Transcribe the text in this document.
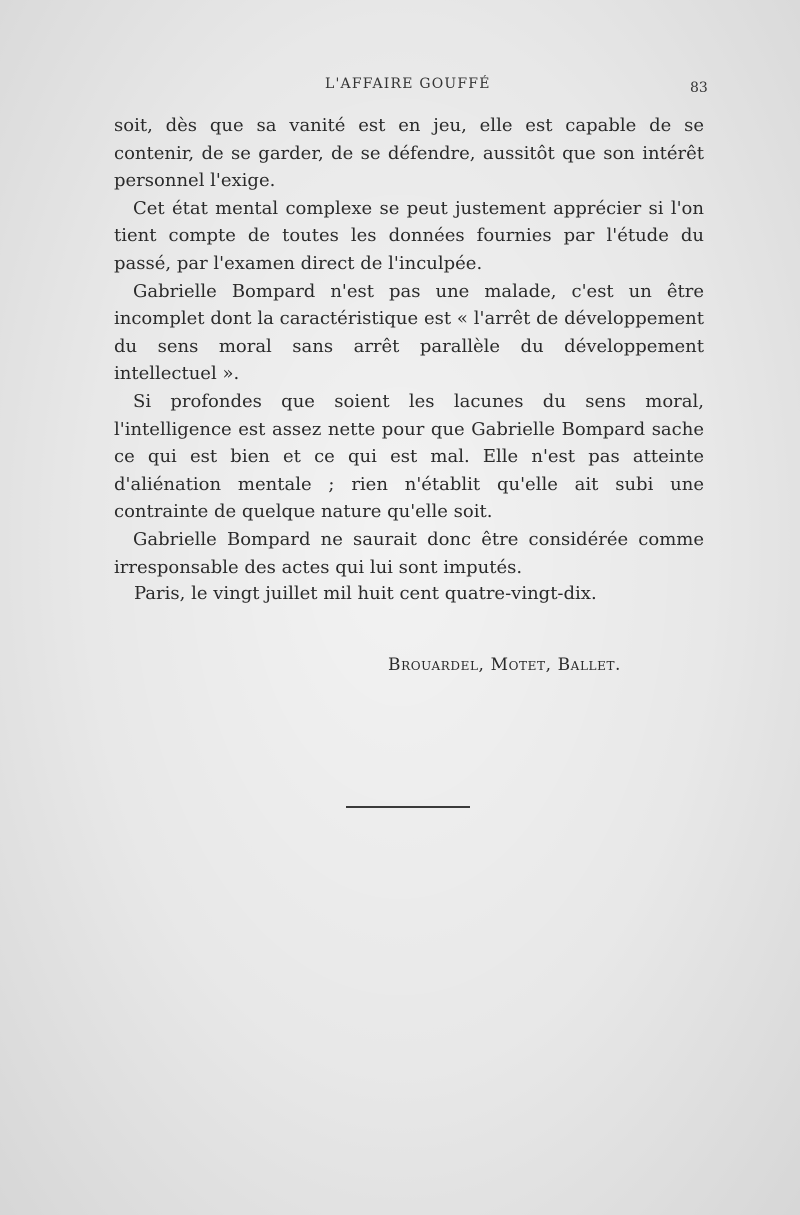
L'AFFAIRE GOUFFÉ	83

soit, dès que sa vanité est en jeu, elle est capable de se contenir, de se garder, de se défendre, aussitôt que son intérêt personnel l'exige.

Cet état mental complexe se peut justement apprécier si l'on tient compte de toutes les données fournies par l'étude du passé, par l'examen direct de l'inculpée.

Gabrielle Bompard n'est pas une malade, c'est un être incomplet dont la caractéristique est « l'arrêt de développement du sens moral sans arrêt parallèle du développement intellectuel ».

Si profondes que soient les lacunes du sens moral, l'intelligence est assez nette pour que Gabrielle Bompard sache ce qui est bien et ce qui est mal. Elle n'est pas atteinte d'aliénation mentale ; rien n'établit qu'elle ait subi une contrainte de quelque nature qu'elle soit.

Gabrielle Bompard ne saurait donc être considérée comme irresponsable des actes qui lui sont imputés.

Paris, le vingt juillet mil huit cent quatre-vingt-dix.
Brouardel, Motet, Ballet.
